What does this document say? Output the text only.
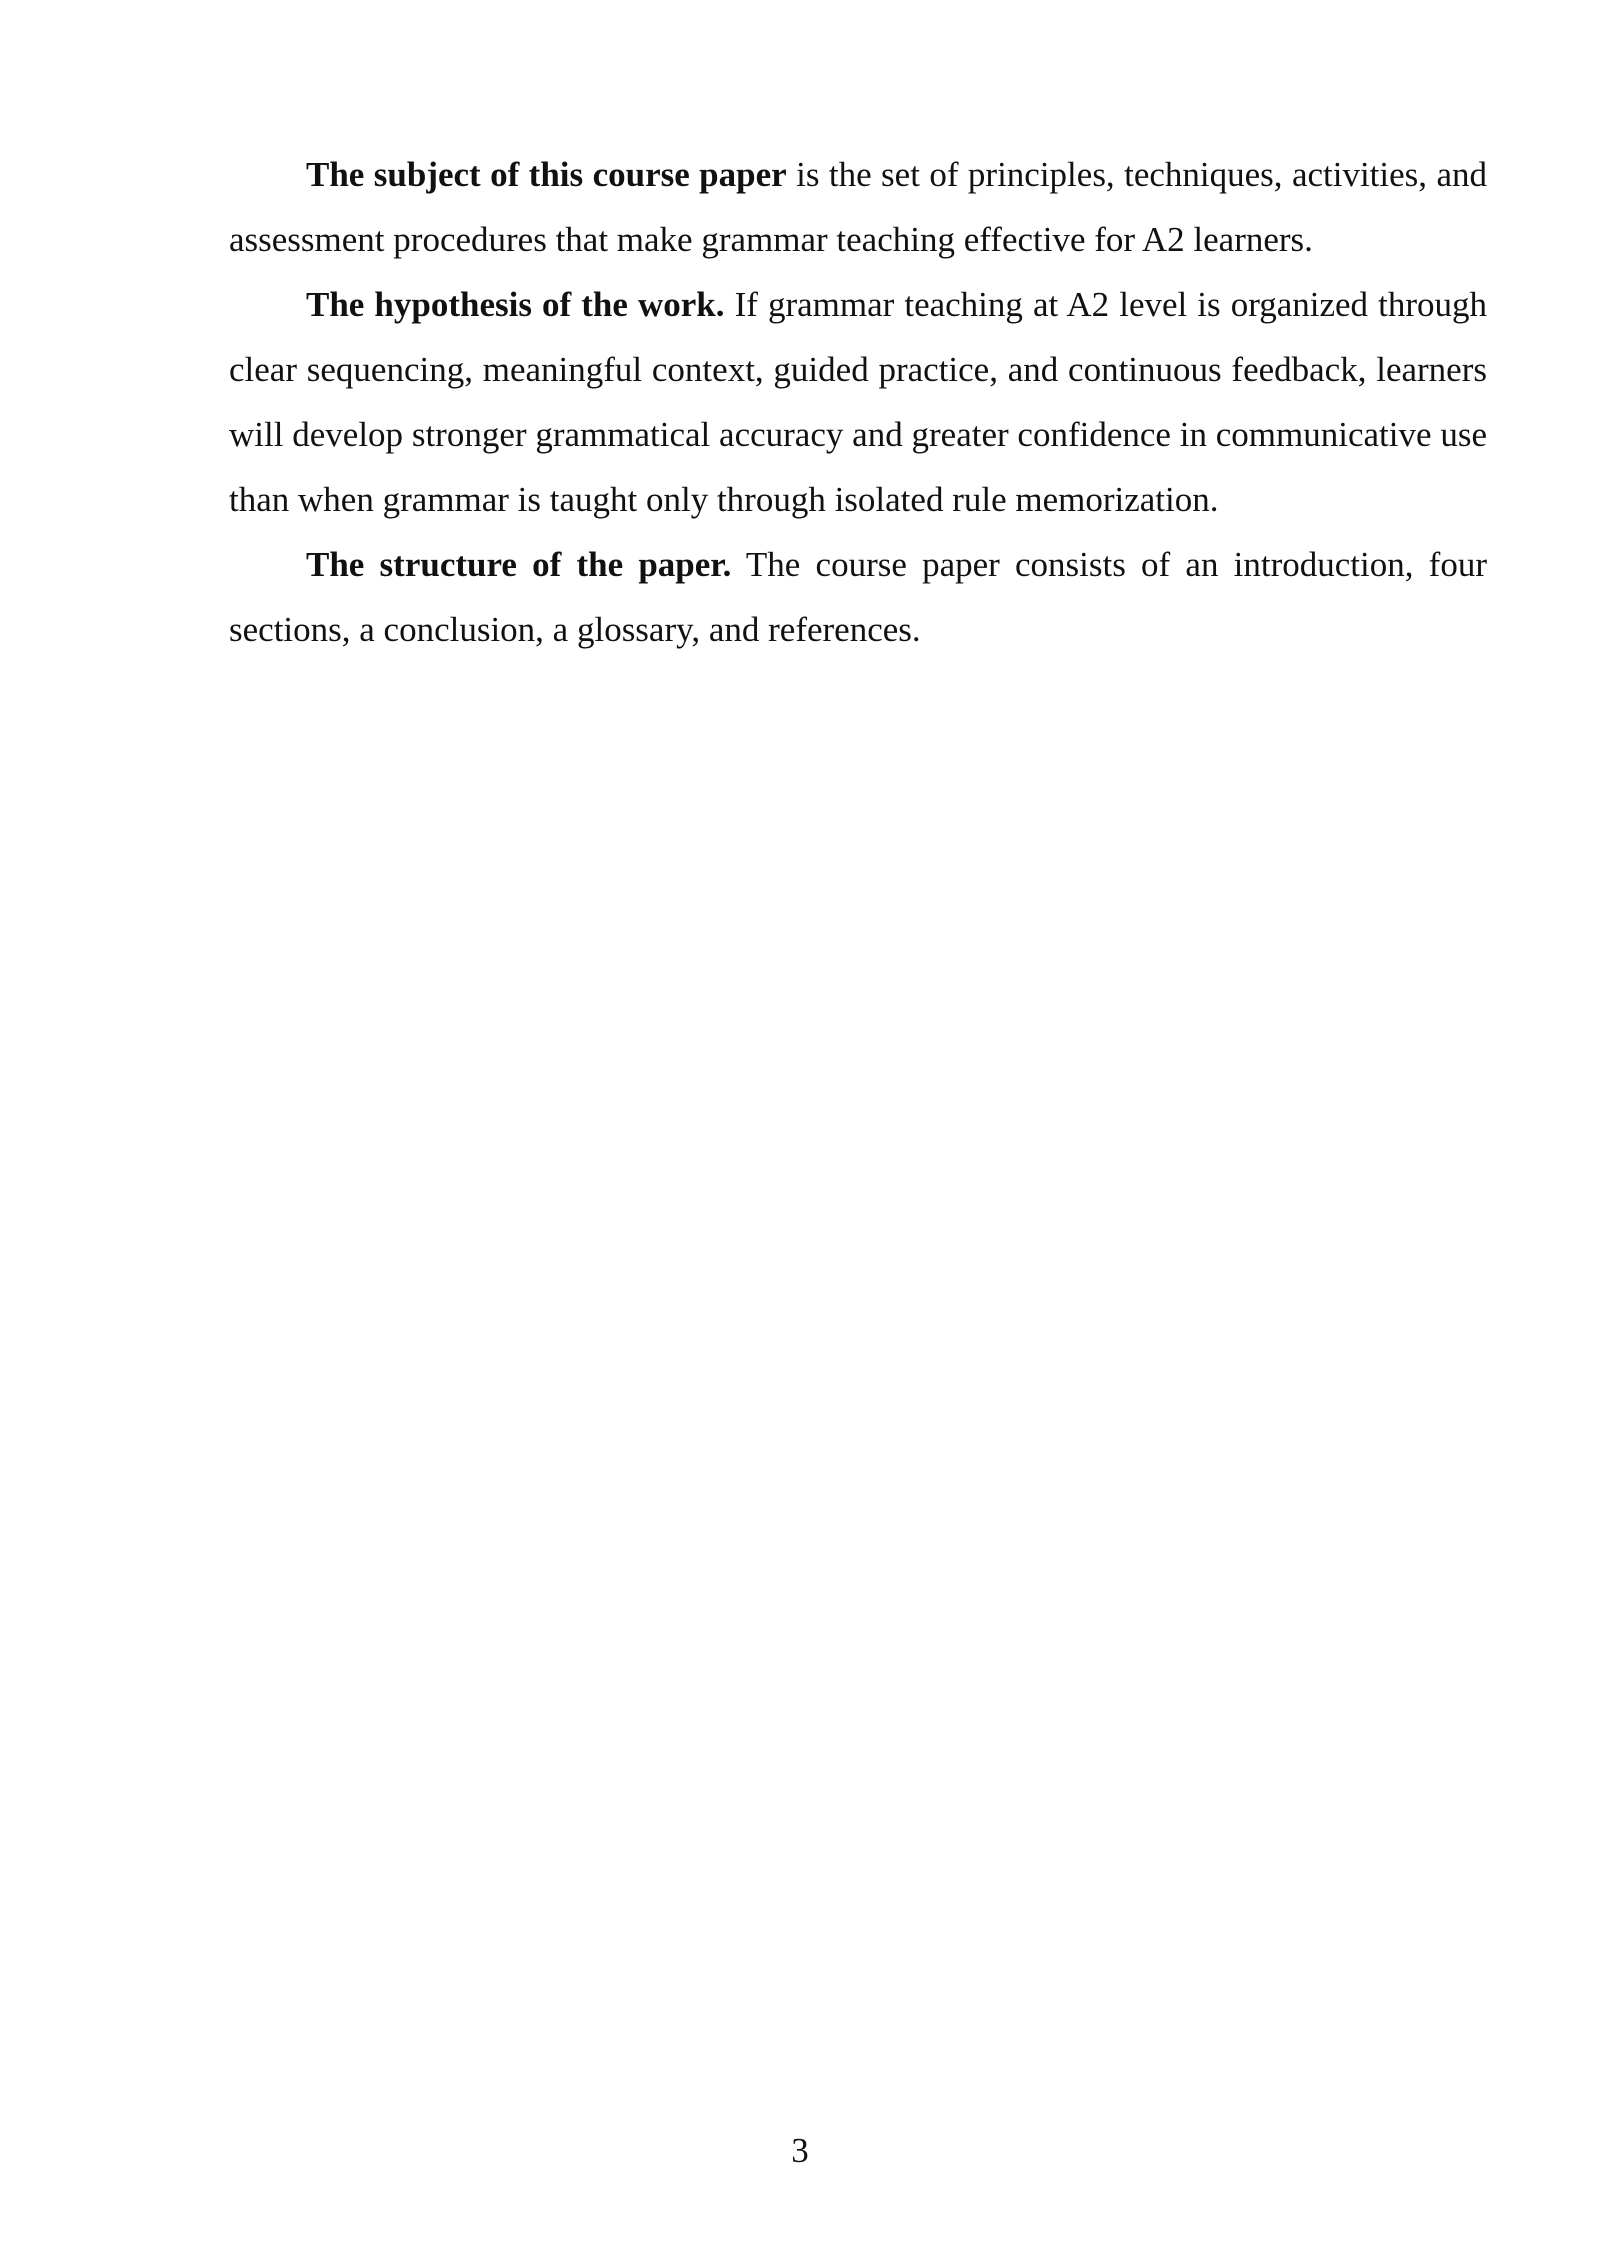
The subject of this course paper is the set of principles, techniques, activities, and assessment procedures that make grammar teaching effective for A2 learners.

The hypothesis of the work. If grammar teaching at A2 level is organized through clear sequencing, meaningful context, guided practice, and continuous feedback, learners will develop stronger grammatical accuracy and greater confidence in communicative use than when grammar is taught only through isolated rule memorization.

The structure of the paper. The course paper consists of an introduction, four sections, a conclusion, a glossary, and references.

3
